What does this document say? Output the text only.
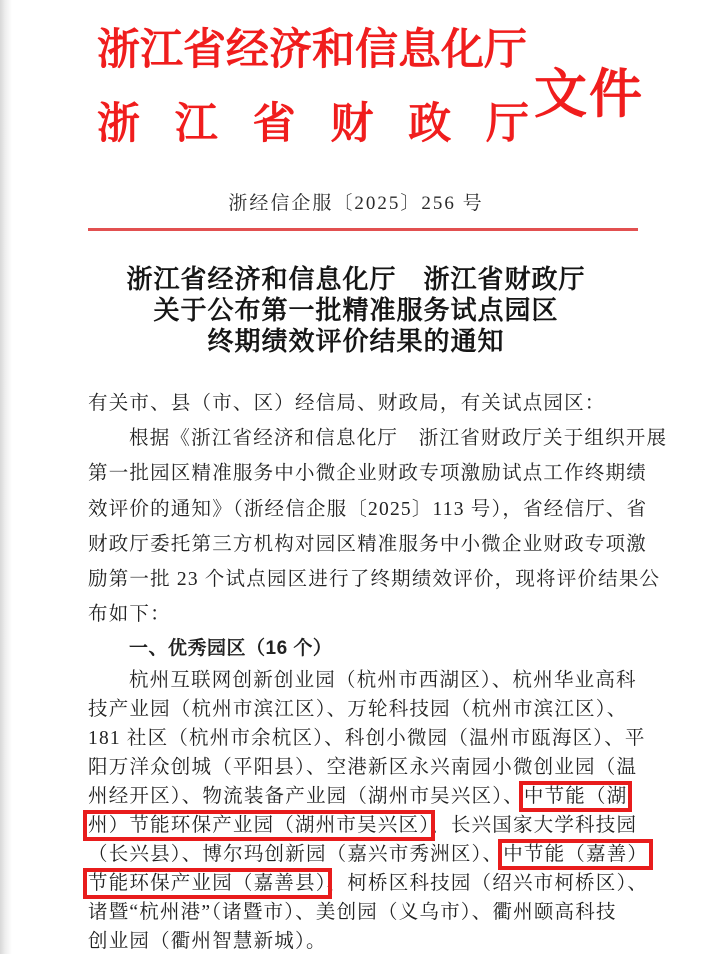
浙江省经济和信息化厅
浙 江 省 财 政 厅
文件
浙经信企服〔2025〕256 号
浙江省经济和信息化厅　浙江省财政厅
关于公布第一批精准服务试点园区
终期绩效评价结果的通知
有关市、县（市、区）经信局、财政局，有关试点园区：
根据《浙江省经济和信息化厅　浙江省财政厅关于组织开展
第一批园区精准服务中小微企业财政专项激励试点工作终期绩
效评价的通知》（浙经信企服〔2025〕113 号），省经信厅、省
财政厅委托第三方机构对园区精准服务中小微企业财政专项激
励第一批 23 个试点园区进行了终期绩效评价，现将评价结果公
布如下：
一、优秀园区（16 个）
杭州互联网创新创业园（杭州市西湖区）、杭州华业高科
技产业园（杭州市滨江区）、万轮科技园（杭州市滨江区）、
181 社区（杭州市余杭区）、科创小微园（温州市瓯海区）、平
阳万洋众创城（平阳县）、空港新区永兴南园小微创业园（温
州经开区）、物流装备产业园（湖州市吴兴区）、中节能（湖
州）节能环保产业园（湖州市吴兴区）、长兴国家大学科技园
（长兴县）、博尔玛创新园（嘉兴市秀洲区）、中节能（嘉善）
节能环保产业园（嘉善县）、柯桥区科技园（绍兴市柯桥区）、
诸暨“杭州港”（诸暨市）、美创园（义乌市）、衢州颐高科技
创业园（衢州智慧新城）。
